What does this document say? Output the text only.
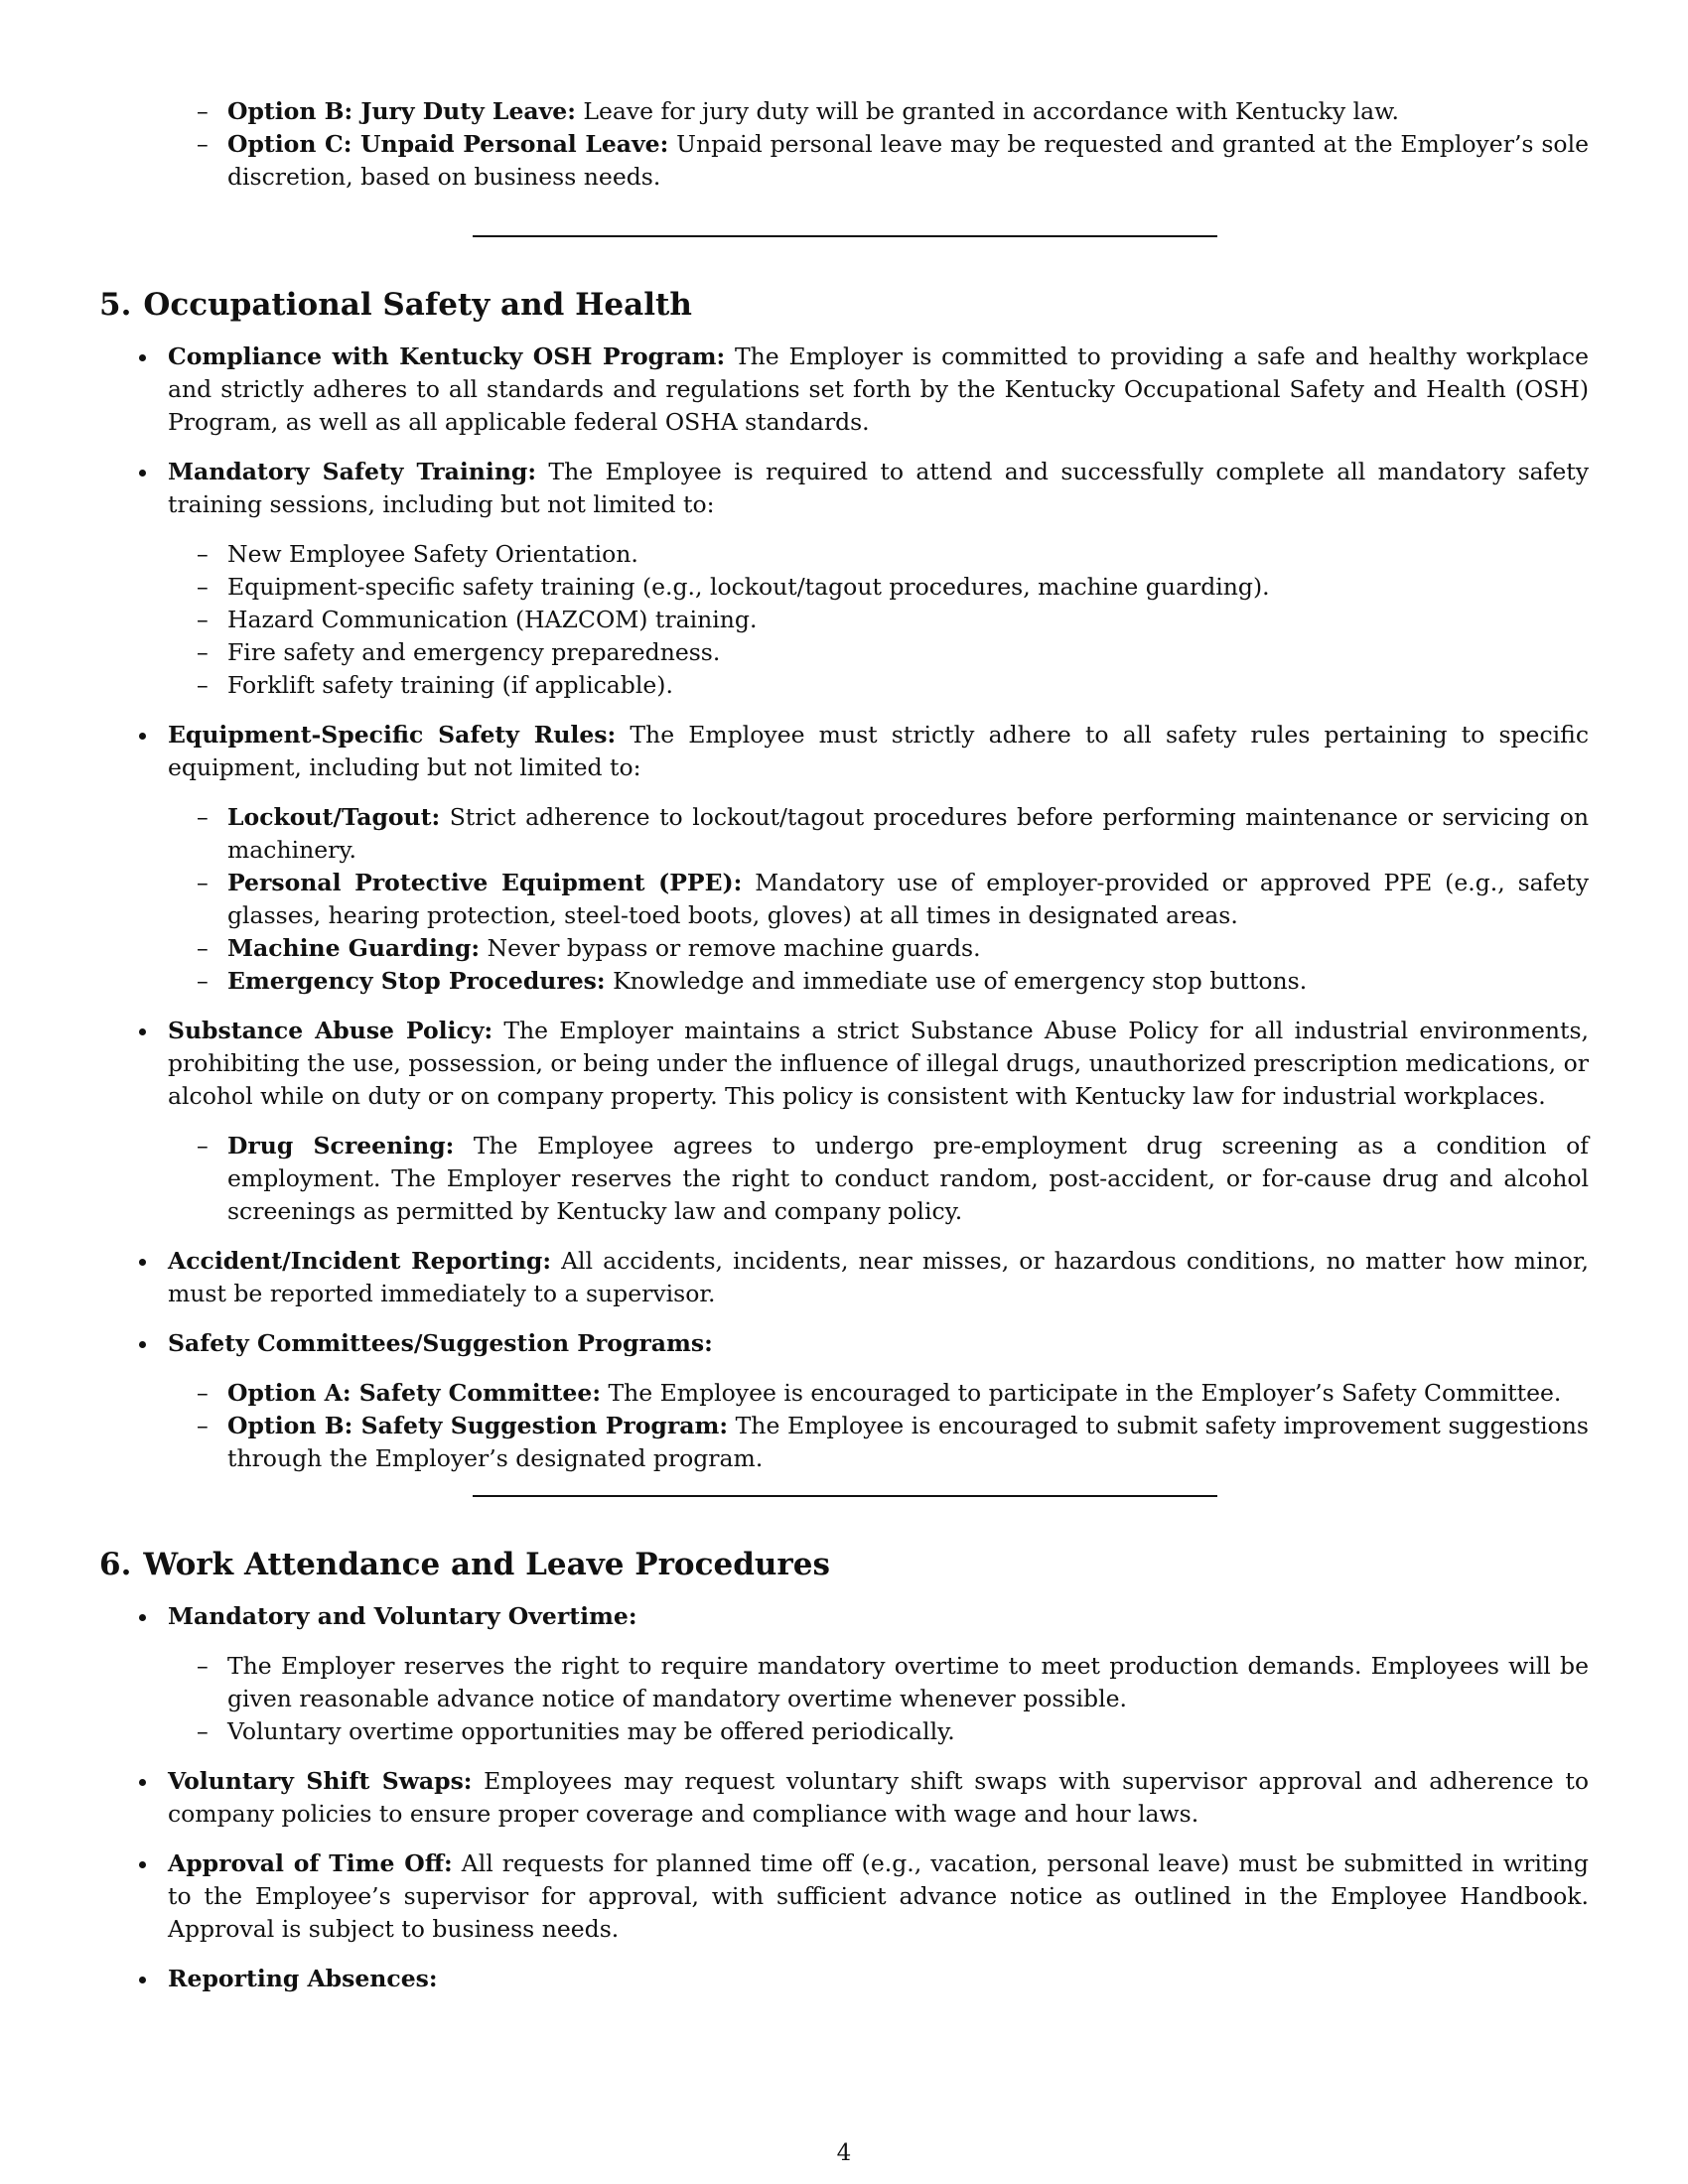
– Option B: Jury Duty Leave: Leave for jury duty will be granted in accordance with Kentucky law.
– Option C: Unpaid Personal Leave: Unpaid personal leave may be requested and granted at the Employer’s sole discretion, based on business needs.
5. Occupational Safety and Health
Compliance with Kentucky OSH Program: The Employer is committed to providing a safe and healthy workplace and strictly adheres to all standards and regulations set forth by the Kentucky Occupational Safety and Health (OSH) Program, as well as all applicable federal OSHA standards.
Mandatory Safety Training: The Employee is required to attend and successfully complete all mandatory safety training sessions, including but not limited to:
– New Employee Safety Orientation.
– Equipment-specific safety training (e.g., lockout/tagout procedures, machine guarding).
– Hazard Communication (HAZCOM) training.
– Fire safety and emergency preparedness.
– Forklift safety training (if applicable).
Equipment-Specific Safety Rules: The Employee must strictly adhere to all safety rules pertaining to specific equipment, including but not limited to:
– Lockout/Tagout: Strict adherence to lockout/tagout procedures before performing maintenance or servicing on machinery.
– Personal Protective Equipment (PPE): Mandatory use of employer-provided or approved PPE (e.g., safety glasses, hearing protection, steel-toed boots, gloves) at all times in designated areas.
– Machine Guarding: Never bypass or remove machine guards.
– Emergency Stop Procedures: Knowledge and immediate use of emergency stop buttons.
Substance Abuse Policy: The Employer maintains a strict Substance Abuse Policy for all industrial environments, prohibiting the use, possession, or being under the influence of illegal drugs, unauthorized prescription medications, or alcohol while on duty or on company property. This policy is consistent with Kentucky law for industrial workplaces.
– Drug Screening: The Employee agrees to undergo pre-employment drug screening as a condition of employment. The Employer reserves the right to conduct random, post-accident, or for-cause drug and alcohol screenings as permitted by Kentucky law and company policy.
Accident/Incident Reporting: All accidents, incidents, near misses, or hazardous conditions, no matter how minor, must be reported immediately to a supervisor.
Safety Committees/Suggestion Programs:
– Option A: Safety Committee: The Employee is encouraged to participate in the Employer’s Safety Committee.
– Option B: Safety Suggestion Program: The Employee is encouraged to submit safety improvement suggestions through the Employer’s designated program.
6. Work Attendance and Leave Procedures
Mandatory and Voluntary Overtime:
– The Employer reserves the right to require mandatory overtime to meet production demands. Employees will be given reasonable advance notice of mandatory overtime whenever possible.
– Voluntary overtime opportunities may be offered periodically.
Voluntary Shift Swaps: Employees may request voluntary shift swaps with supervisor approval and adherence to company policies to ensure proper coverage and compliance with wage and hour laws.
Approval of Time Off: All requests for planned time off (e.g., vacation, personal leave) must be submitted in writing to the Employee’s supervisor for approval, with sufficient advance notice as outlined in the Employee Handbook. Approval is subject to business needs.
Reporting Absences:
4
